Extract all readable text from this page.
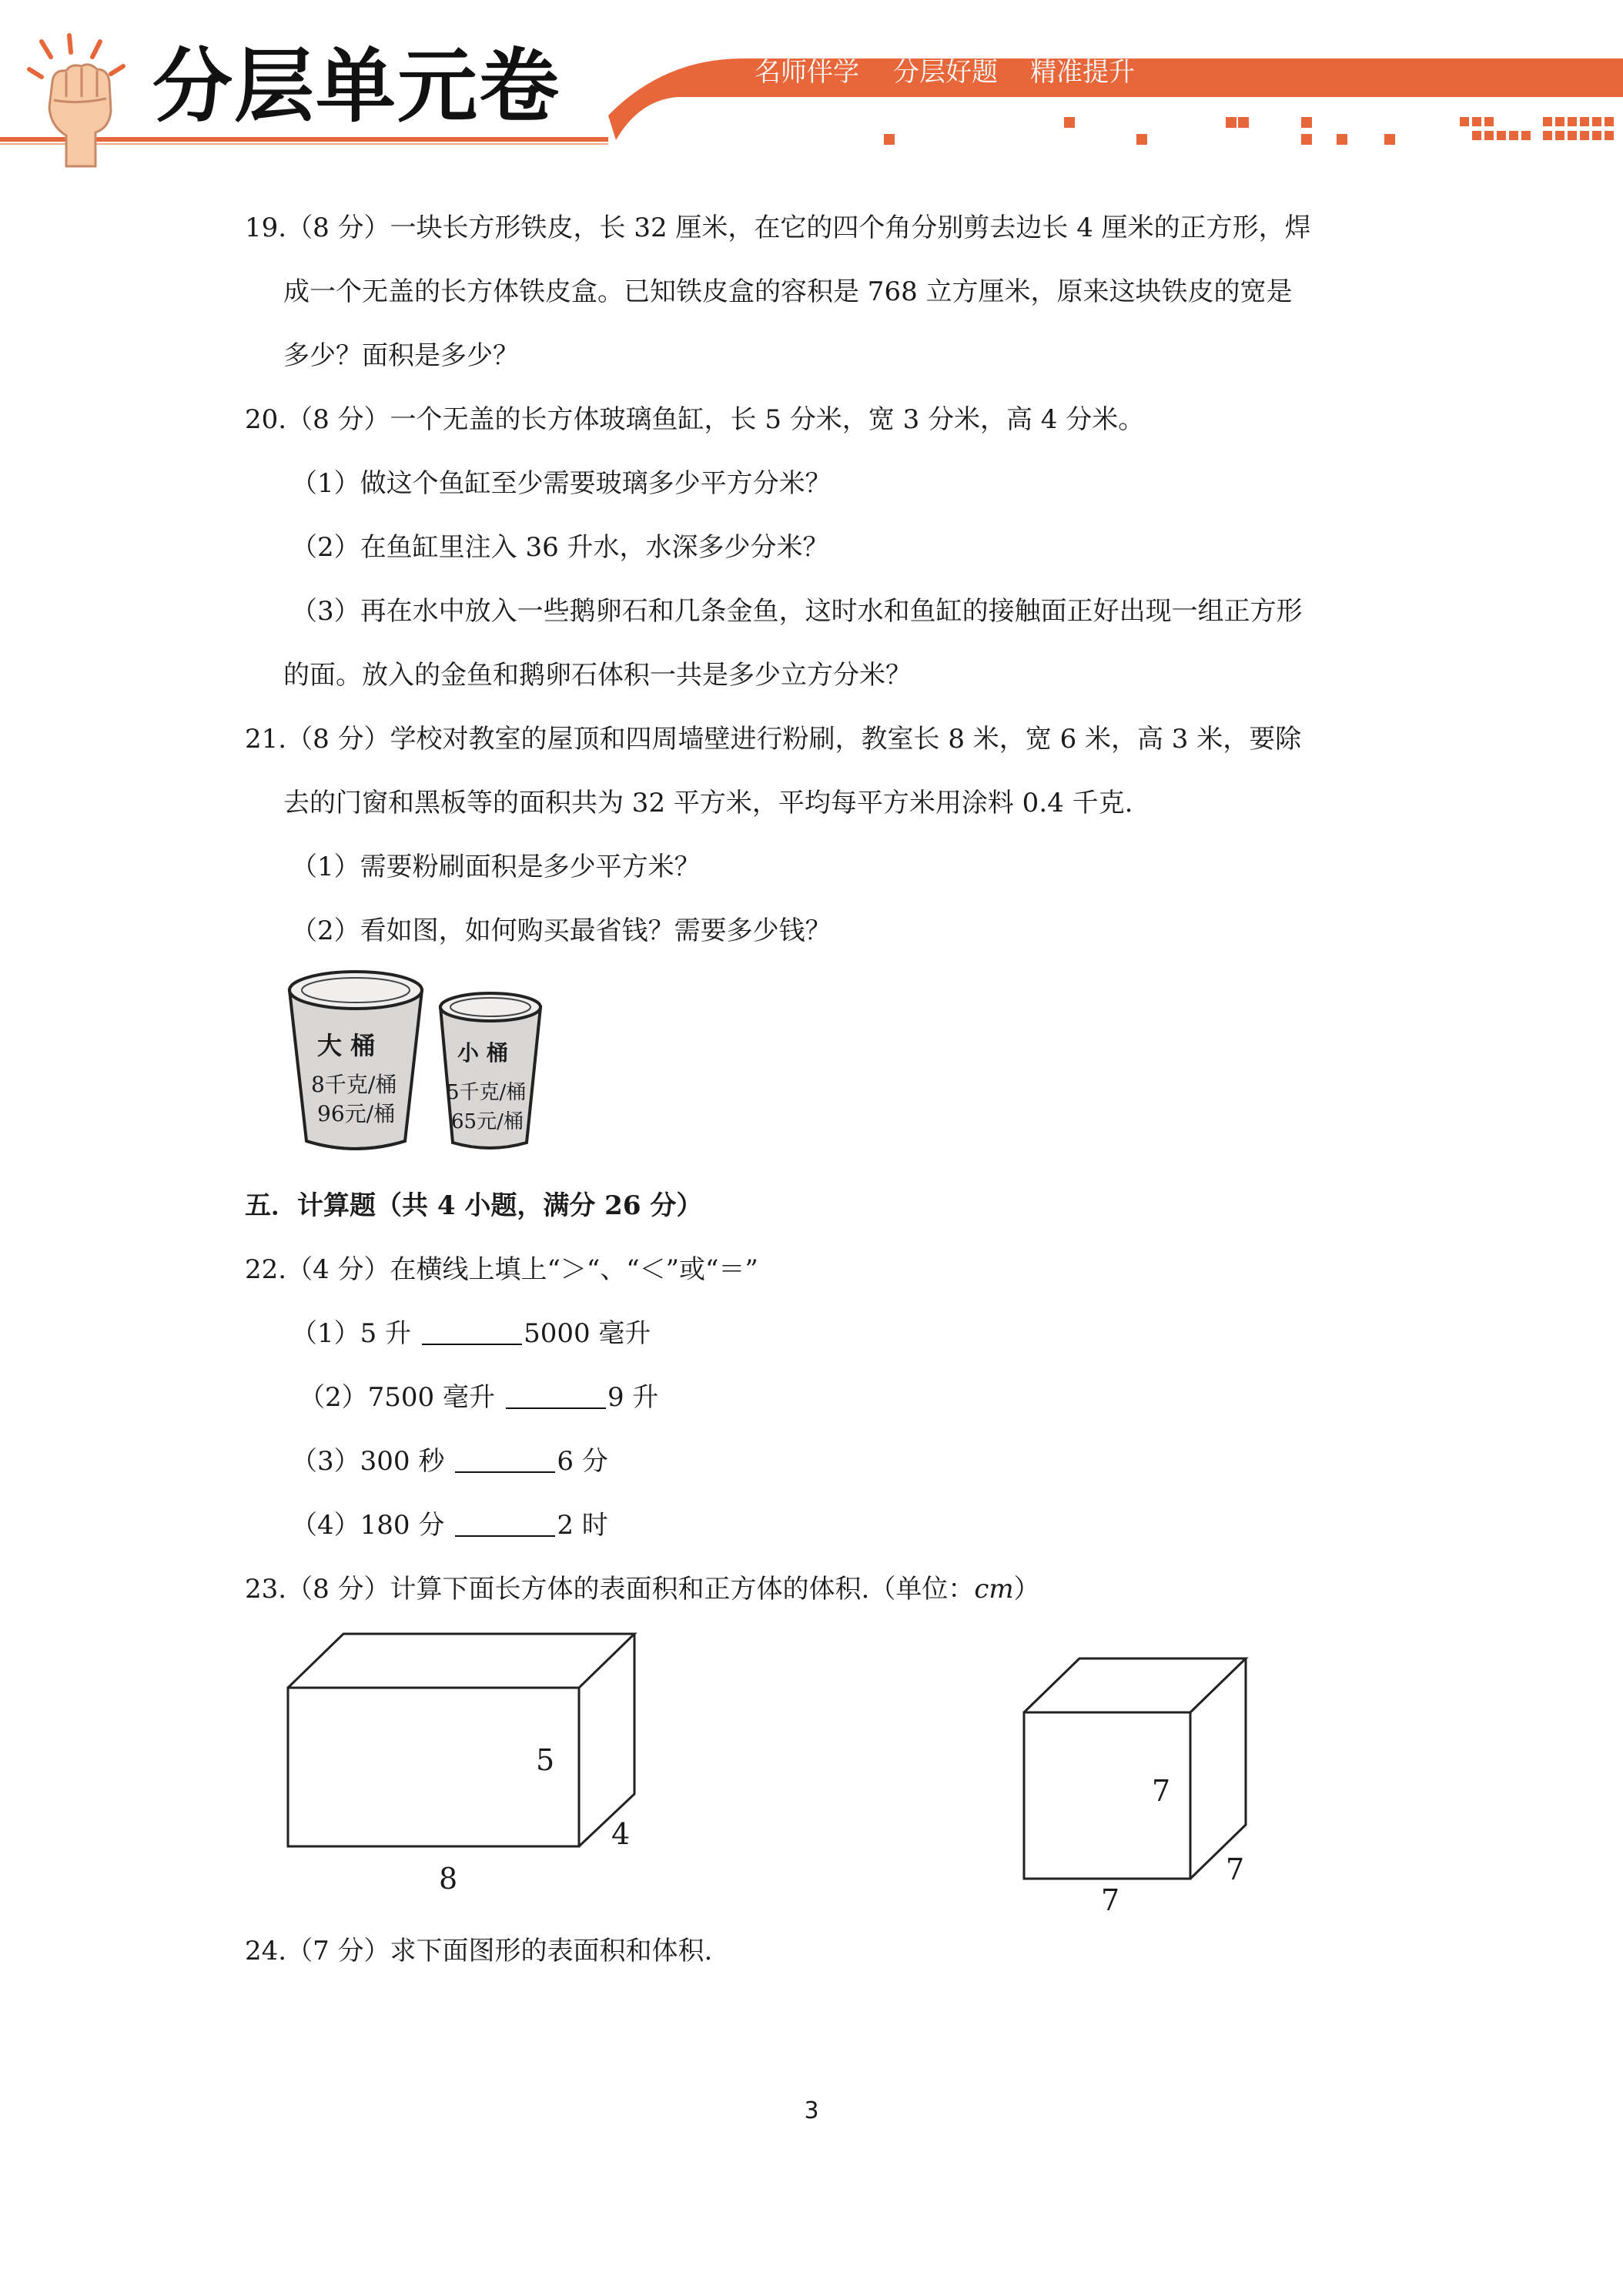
分层单元卷	名师伴学 分层好题 精准提升
19.（8 分）一块长方形铁皮，长 32 厘米，在它的四个角分别剪去边长 4 厘米的正方形，焊
成一个无盖的长方体铁皮盒。已知铁皮盒的容积是 768 立方厘米，原来这块铁皮的宽是
多少？面积是多少？
20.（8 分）一个无盖的长方体玻璃鱼缸，长 5 分米，宽 3 分米，高 4 分米。
（1）做这个鱼缸至少需要玻璃多少平方分米？
（2）在鱼缸里注入 36 升水，水深多少分米？
（3）再在水中放入一些鹅卵石和几条金鱼，这时水和鱼缸的接触面正好出现一组正方形
的面。放入的金鱼和鹅卵石体积一共是多少立方分米？
21.（8 分）学校对教室的屋顶和四周墙壁进行粉刷，教室长 8 米，宽 6 米，高 3 米，要除
去的门窗和黑板等的面积共为 32 平方米，平均每平方米用涂料 0.4 千克.
（1）需要粉刷面积是多少平方米？
（2）看如图，如何购买最省钱？需要多少钱？
大 桶
8千克/桶
96元/桶
小 桶
5千克/桶
65元/桶
五．计算题（共 4 小题，满分 26 分）
22.（4 分）在横线上填上“＞“、“＜”或“＝”
（1）5 升	5000 毫升
（2）7500 毫升	9 升
（3）300 秒	6 分
（4）180 分	2 时
23.（8 分）计算下面长方体的表面积和正方体的体积.（单位：cm）
5
4
8
7
7
7
24.（7 分）求下面图形的表面积和体积.
3
